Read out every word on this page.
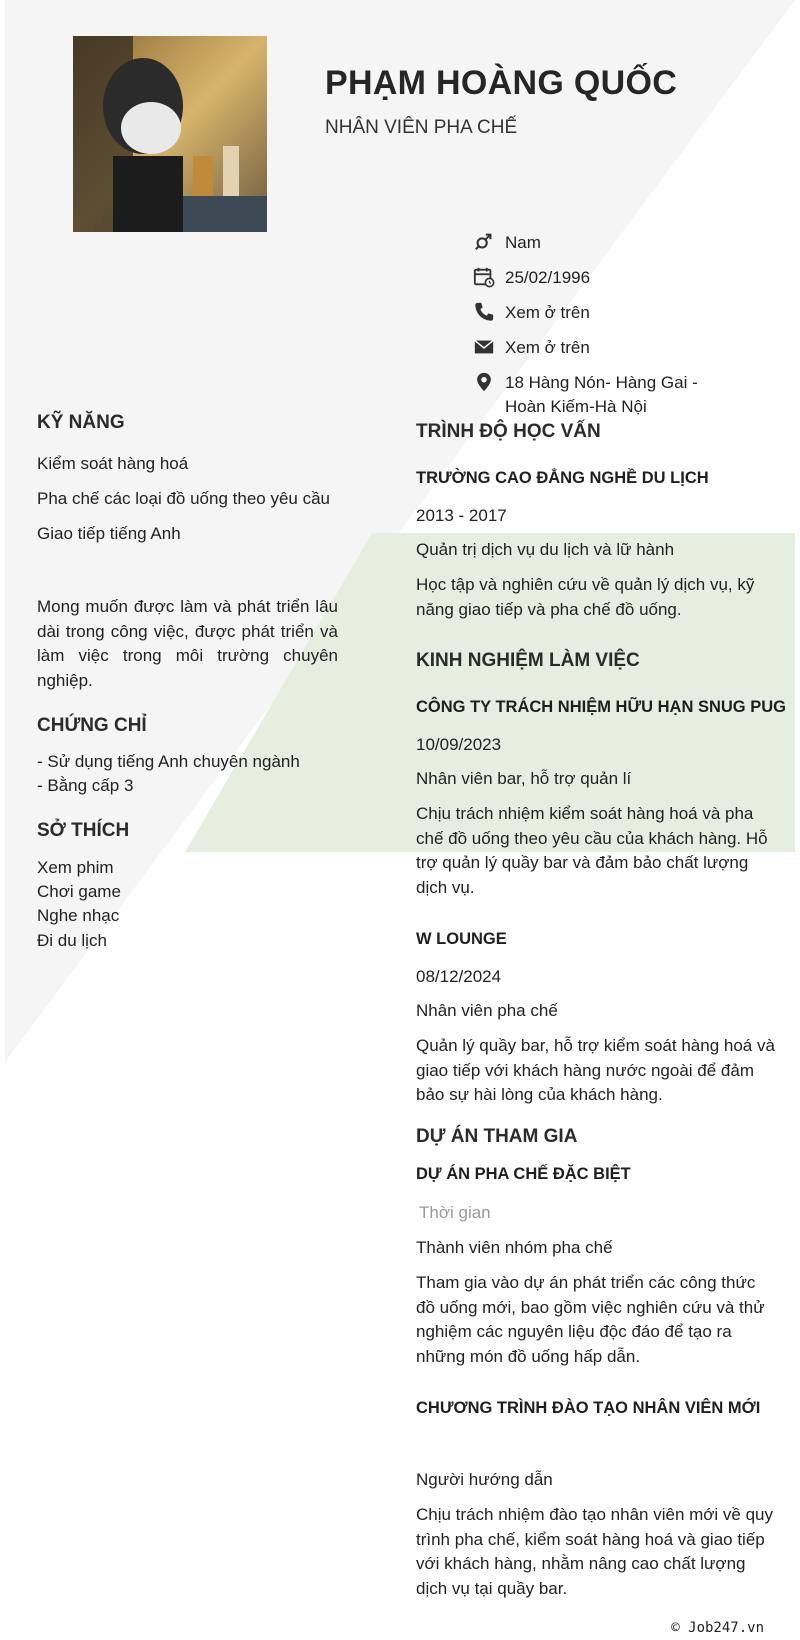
PHẠM HOÀNG QUỐC
NHÂN VIÊN PHA CHẾ
Nam
25/02/1996
Xem ở trên
Xem ở trên
18 Hàng Nón- Hàng Gai -
Hoàn Kiếm-Hà Nội
KỸ NĂNG
Kiểm soát hàng hoá
Pha chế các loại đồ uống theo yêu cầu
Giao tiếp tiếng Anh
Mong muốn được làm và phát triển lâu dài trong công việc, được phát triển và làm việc trong môi trường chuyên nghiệp.
CHỨNG CHỈ
- Sử dụng tiếng Anh chuyên ngành
- Bằng cấp 3
SỞ THÍCH
Xem phim
Chơi game
Nghe nhạc
Đi du lịch
TRÌNH ĐỘ HỌC VẤN
TRƯỜNG CAO ĐẲNG NGHỀ DU LỊCH
2013 - 2017
Quản trị dịch vụ du lịch và lữ hành
Học tập và nghiên cứu về quản lý dịch vụ, kỹ năng giao tiếp và pha chế đồ uống.
KINH NGHIỆM LÀM VIỆC
CÔNG TY TRÁCH NHIỆM HỮU HẠN SNUG PUG
10/09/2023
Nhân viên bar, hỗ trợ quản lí
Chịu trách nhiệm kiểm soát hàng hoá và pha chế đồ uống theo yêu cầu của khách hàng. Hỗ trợ quản lý quầy bar và đảm bảo chất lượng dịch vụ.
W LOUNGE
08/12/2024
Nhân viên pha chế
Quản lý quầy bar, hỗ trợ kiểm soát hàng hoá và giao tiếp với khách hàng nước ngoài để đảm bảo sự hài lòng của khách hàng.
DỰ ÁN THAM GIA
DỰ ÁN PHA CHẾ ĐẶC BIỆT
Thời gian
Thành viên nhóm pha chế
Tham gia vào dự án phát triển các công thức đồ uống mới, bao gồm việc nghiên cứu và thử nghiệm các nguyên liệu độc đáo để tạo ra những món đồ uống hấp dẫn.
CHƯƠNG TRÌNH ĐÀO TẠO NHÂN VIÊN MỚI
Người hướng dẫn
Chịu trách nhiệm đào tạo nhân viên mới về quy trình pha chế, kiểm soát hàng hoá và giao tiếp với khách hàng, nhằm nâng cao chất lượng dịch vụ tại quầy bar.
© Job247.vn
